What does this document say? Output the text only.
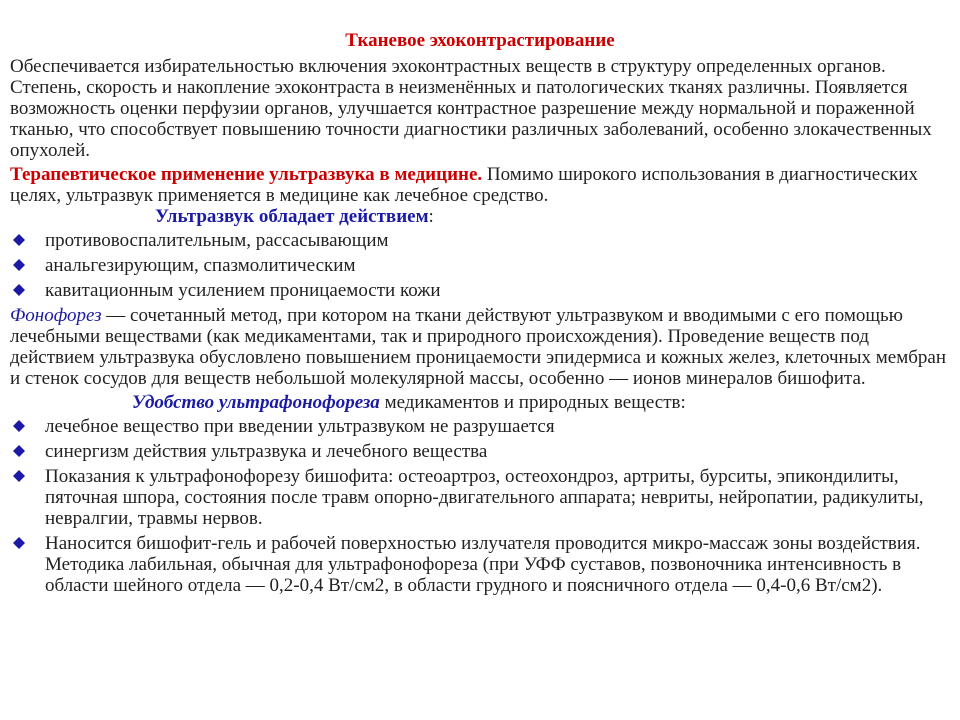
Тканевое эхоконтрастирование

Обеспечивается избирательностью включения эхоконтрастных веществ в структуру определенных органов. Степень, скорость и накопление эхоконтраста в неизменённых и патологических тканях различны. Появляется возможность оценки перфузии органов, улучшается контрастное разрешение между нормальной и пораженной тканью, что способствует повышению точности диагностики различных заболеваний, особенно злокачественных опухолей.

Терапевтическое применение ультразвука в медицине. Помимо широкого использования в диагностических целях, ультразвук применяется в медицине как лечебное средство.

Ультразвук обладает действием:
противовоспалительным, рассасывающим
анальгезирующим, спазмолитическим
кавитационным усилением проницаемости кожи

Фонофорез — сочетанный метод, при котором на ткани действуют ультразвуком и вводимыми с его помощью лечебными веществами (как медикаментами, так и природного происхождения). Проведение веществ под действием ультразвука обусловлено повышением проницаемости эпидермиса и кожных желез, клеточных мембран и стенок сосудов для веществ небольшой молекулярной массы, особенно — ионов минералов бишофита.

Удобство ультрафонофореза медикаментов и природных веществ:
лечебное вещество при введении ультразвуком не разрушается
синергизм действия ультразвука и лечебного вещества
Показания к ультрафонофорезу бишофита: остеоартроз, остеохондроз, артриты, бурситы, эпикондилиты, пяточная шпора, состояния после травм опорно-двигательного аппарата; невриты, нейропатии, радикулиты, невралгии, травмы нервов.
Наносится бишофит-гель и рабочей поверхностью излучателя проводится микро-массаж зоны воздействия. Методика лабильная, обычная для ультрафонофореза (при УФФ суставов, позвоночника интенсивность в области шейного отдела — 0,2-0,4 Вт/см2, в области грудного и поясничного отдела — 0,4-0,6 Вт/см2).
